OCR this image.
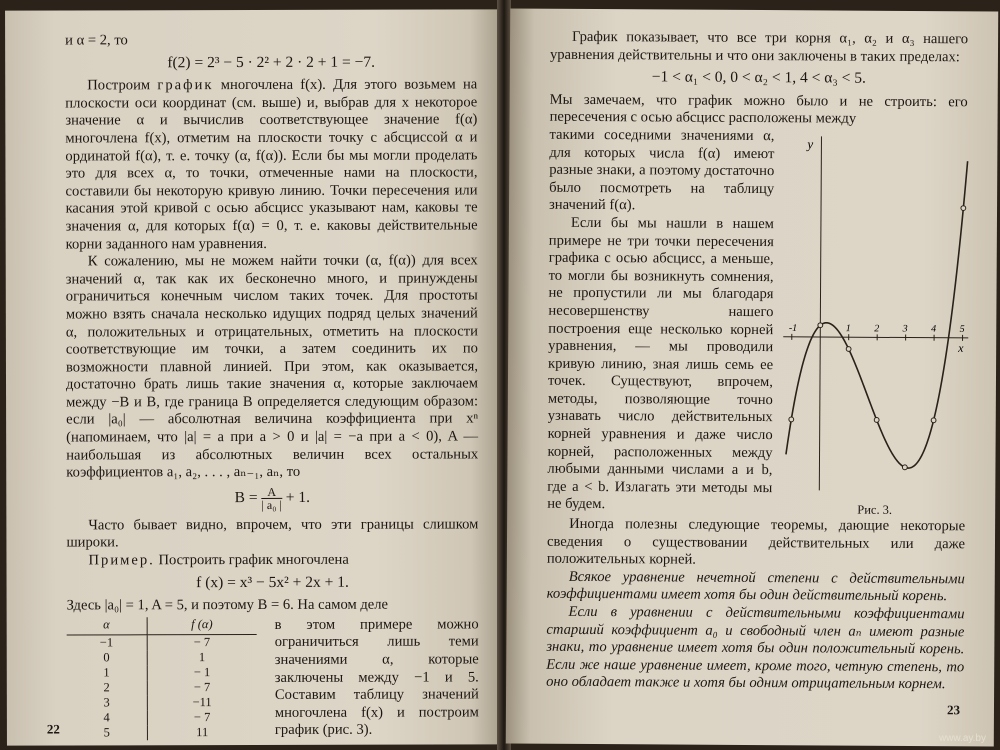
и α = 2, то

f(2) = 2³ − 5 · 2² + 2 · 2 + 1 = −7.

Построим график многочлена f(x). Для этого возьмем на плоскости оси координат (см. выше) и, выбрав для x некоторое значение α и вычислив соответствующее значение f(α) многочлена f(x), отметим на плоскости точку с абсциссой α и ординатой f(α), т. е. точку (α, f(α)). Если бы мы могли проделать это для всех α, то точки, отмеченные нами на плоскости, составили бы некоторую кривую линию. Точки пересечения или касания этой кривой с осью абсцисс указывают нам, каковы те значения α, для которых f(α) = 0, т. е. каковы действительные корни заданного нам уравнения.

К сожалению, мы не можем найти точки (α, f(α)) для всех значений α, так как их бесконечно много, и принуждены ограничиться конечным числом таких точек. Для простоты можно взять сначала несколько идущих подряд целых значений α, положительных и отрицательных, отметить на плоскости соответствующие им точки, а затем соединить их по возможности плавной линией. При этом, как оказывается, достаточно брать лишь такие значения α, которые заключаем между −B и B, где граница B определяется следующим образом: если |a₀| — абсолютная величина коэффициента при xⁿ (напоминаем, что |a| = a при a > 0 и |a| = −a при a < 0), A — наибольшая из абсолютных величин всех остальных коэффициентов a₁, a₂, . . . , aₙ₋₁, aₙ, то

$B = \frac{A}{\text{| a₀ |}} + 1$.

Часто бывает видно, впрочем, что эти границы слишком широки.

Пример. Построить график многочлена

f (x) = x³ − 5x² + 2x + 1.

Здесь |a₀| = 1, A = 5, и поэтому B = 6. На самом деле

α	f (α)
−1	− 7
0	1
1	− 1
2	− 7
3	−11
4	− 7
5	11

в этом примере можно ограничиться лишь теми значениями α, которые заключены между −1 и 5. Составим таблицу значений многочлена f(x) и построим график (рис. 3).

22

График показывает, что все три корня α₁, α₂ и α₃ нашего уравнения действительны и что они заключены в таких пределах:

−1 < α₁ < 0, 0 < α₂ < 1, 4 < α₃ < 5.

Мы замечаем, что график можно было и не строить: его пересечения с осью абсцисс расположены между

такими соседними значениями α, для которых числа f(α) имеют разные знаки, а поэтому достаточно было посмотреть на таблицу значений f(α).

Если бы мы нашли в нашем примере не три точки пересечения графика с осью абсцисс, а меньше, то могли бы возникнуть сомнения, не пропустили ли мы благодаря несовершенству нашего построения еще несколько корней уравнения, — мы проводили кривую линию, зная лишь семь ее точек. Существуют, впрочем, методы, позволяющие точно узнавать число действительных корней уравнения и даже число корней, расположенных между любыми данными числами a и b, где a < b. Излагать эти методы мы не будем.

y
x
-1	1 2 3 4 5
Рис. 3.

Иногда полезны следующие теоремы, дающие некоторые сведения о существовании действительных или даже положительных корней.

Всякое уравнение нечетной степени с действительными коэффициентами имеет хотя бы один действительный корень.

Если в уравнении с действительными коэффициентами старший коэффициент a₀ и свободный член aₙ имеют разные знаки, то уравнение имеет хотя бы один положительный корень. Если же наше уравнение имеет, кроме того, четную степень, то оно обладает также и хотя бы одним отрицательным корнем.

23
www.ay.by
